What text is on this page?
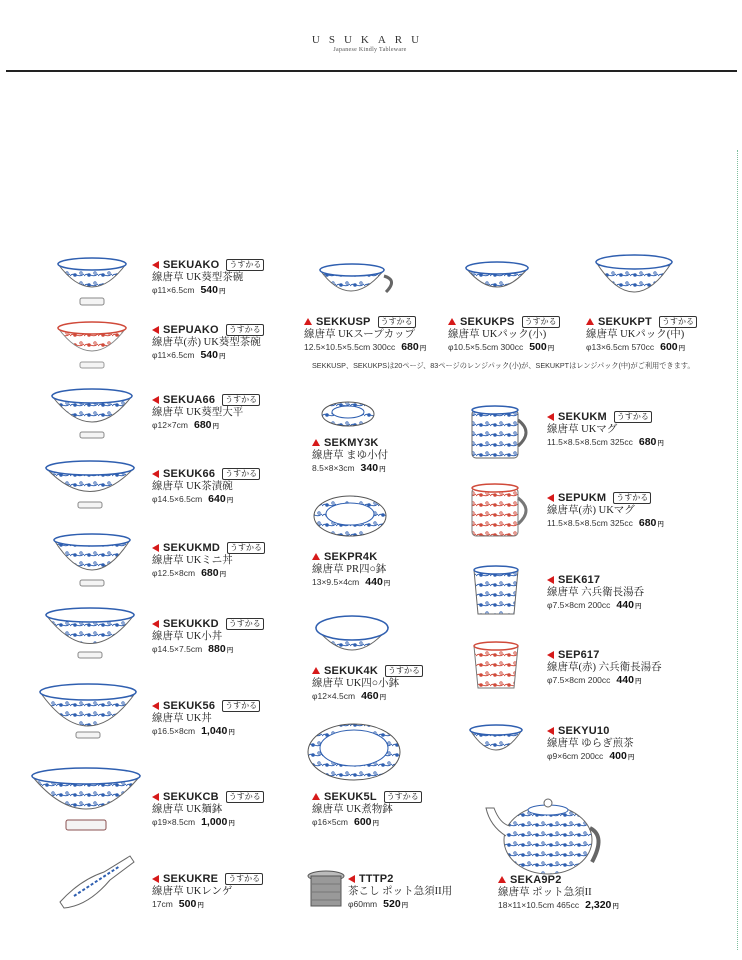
USUKARU
Japanese Kindly Tableware
SEKUAKO	うすかる
線唐草 UK葵型茶碗
φ11×6.5cm 540円
SEPUAKO	うすかる
線唐草(赤) UK葵型茶碗
φ11×6.5cm 540円
SEKUA66	うすかる
線唐草 UK葵型大平
φ12×7cm 680円
SEKUK66	うすかる
線唐草 UK茶漬碗
φ14.5×6.5cm 640円
SEKUKMD	うすかる
線唐草 UKミニ丼
φ12.5×8cm 680円
SEKUKKD	うすかる
線唐草 UK小丼
φ14.5×7.5cm 880円
SEKUK56	うすかる
線唐草 UK丼
φ16.5×8cm 1,040円
SEKUKCB	うすかる
線唐草 UK麺鉢
φ19×8.5cm 1,000円
SEKUKRE	うすかる
線唐草 UKレンゲ
17cm 500円
SEKKUSP	うすかる
線唐草 UKスープカップ
12.5×10.5×5.5cm 300cc 680円
SEKUKPS	うすかる
線唐草 UKパック(小)
φ10.5×5.5cm 300cc 500円
SEKUKPT	うすかる
線唐草 UKパック(中)
φ13×6.5cm 570cc 600円
SEKKUSP、SEKUKPSは20ページ、83ページのレンジパック(小)が、SEKUKPTはレンジパック(中)がご利用できます。
SEKMY3K
線唐草 まゆ小付
8.5×8×3cm 340円
SEKPR4K
線唐草 PR四○鉢
13×9.5×4cm 440円
SEKUK4K	うすかる
線唐草 UK四○小鉢
φ12×4.5cm 460円
SEKUK5L	うすかる
線唐草 UK煮物鉢
φ16×5cm 600円
TTTP2
茶こし ポット急須II用
φ60mm 520円
SEKUKM	うすかる
線唐草 UKマグ
11.5×8.5×8.5cm 325cc 680円
SEPUKM	うすかる
線唐草(赤) UKマグ
11.5×8.5×8.5cm 325cc 680円
SEK617
線唐草 六兵衛長湯呑
φ7.5×8cm 200cc 440円
SEP617
線唐草(赤) 六兵衛長湯呑
φ7.5×8cm 200cc 440円
SEKYU10
線唐草 ゆらぎ煎茶
φ9×6cm 200cc 400円
SEKA9P2
線唐草 ポット急須II
18×11×10.5cm 465cc 2,320円
